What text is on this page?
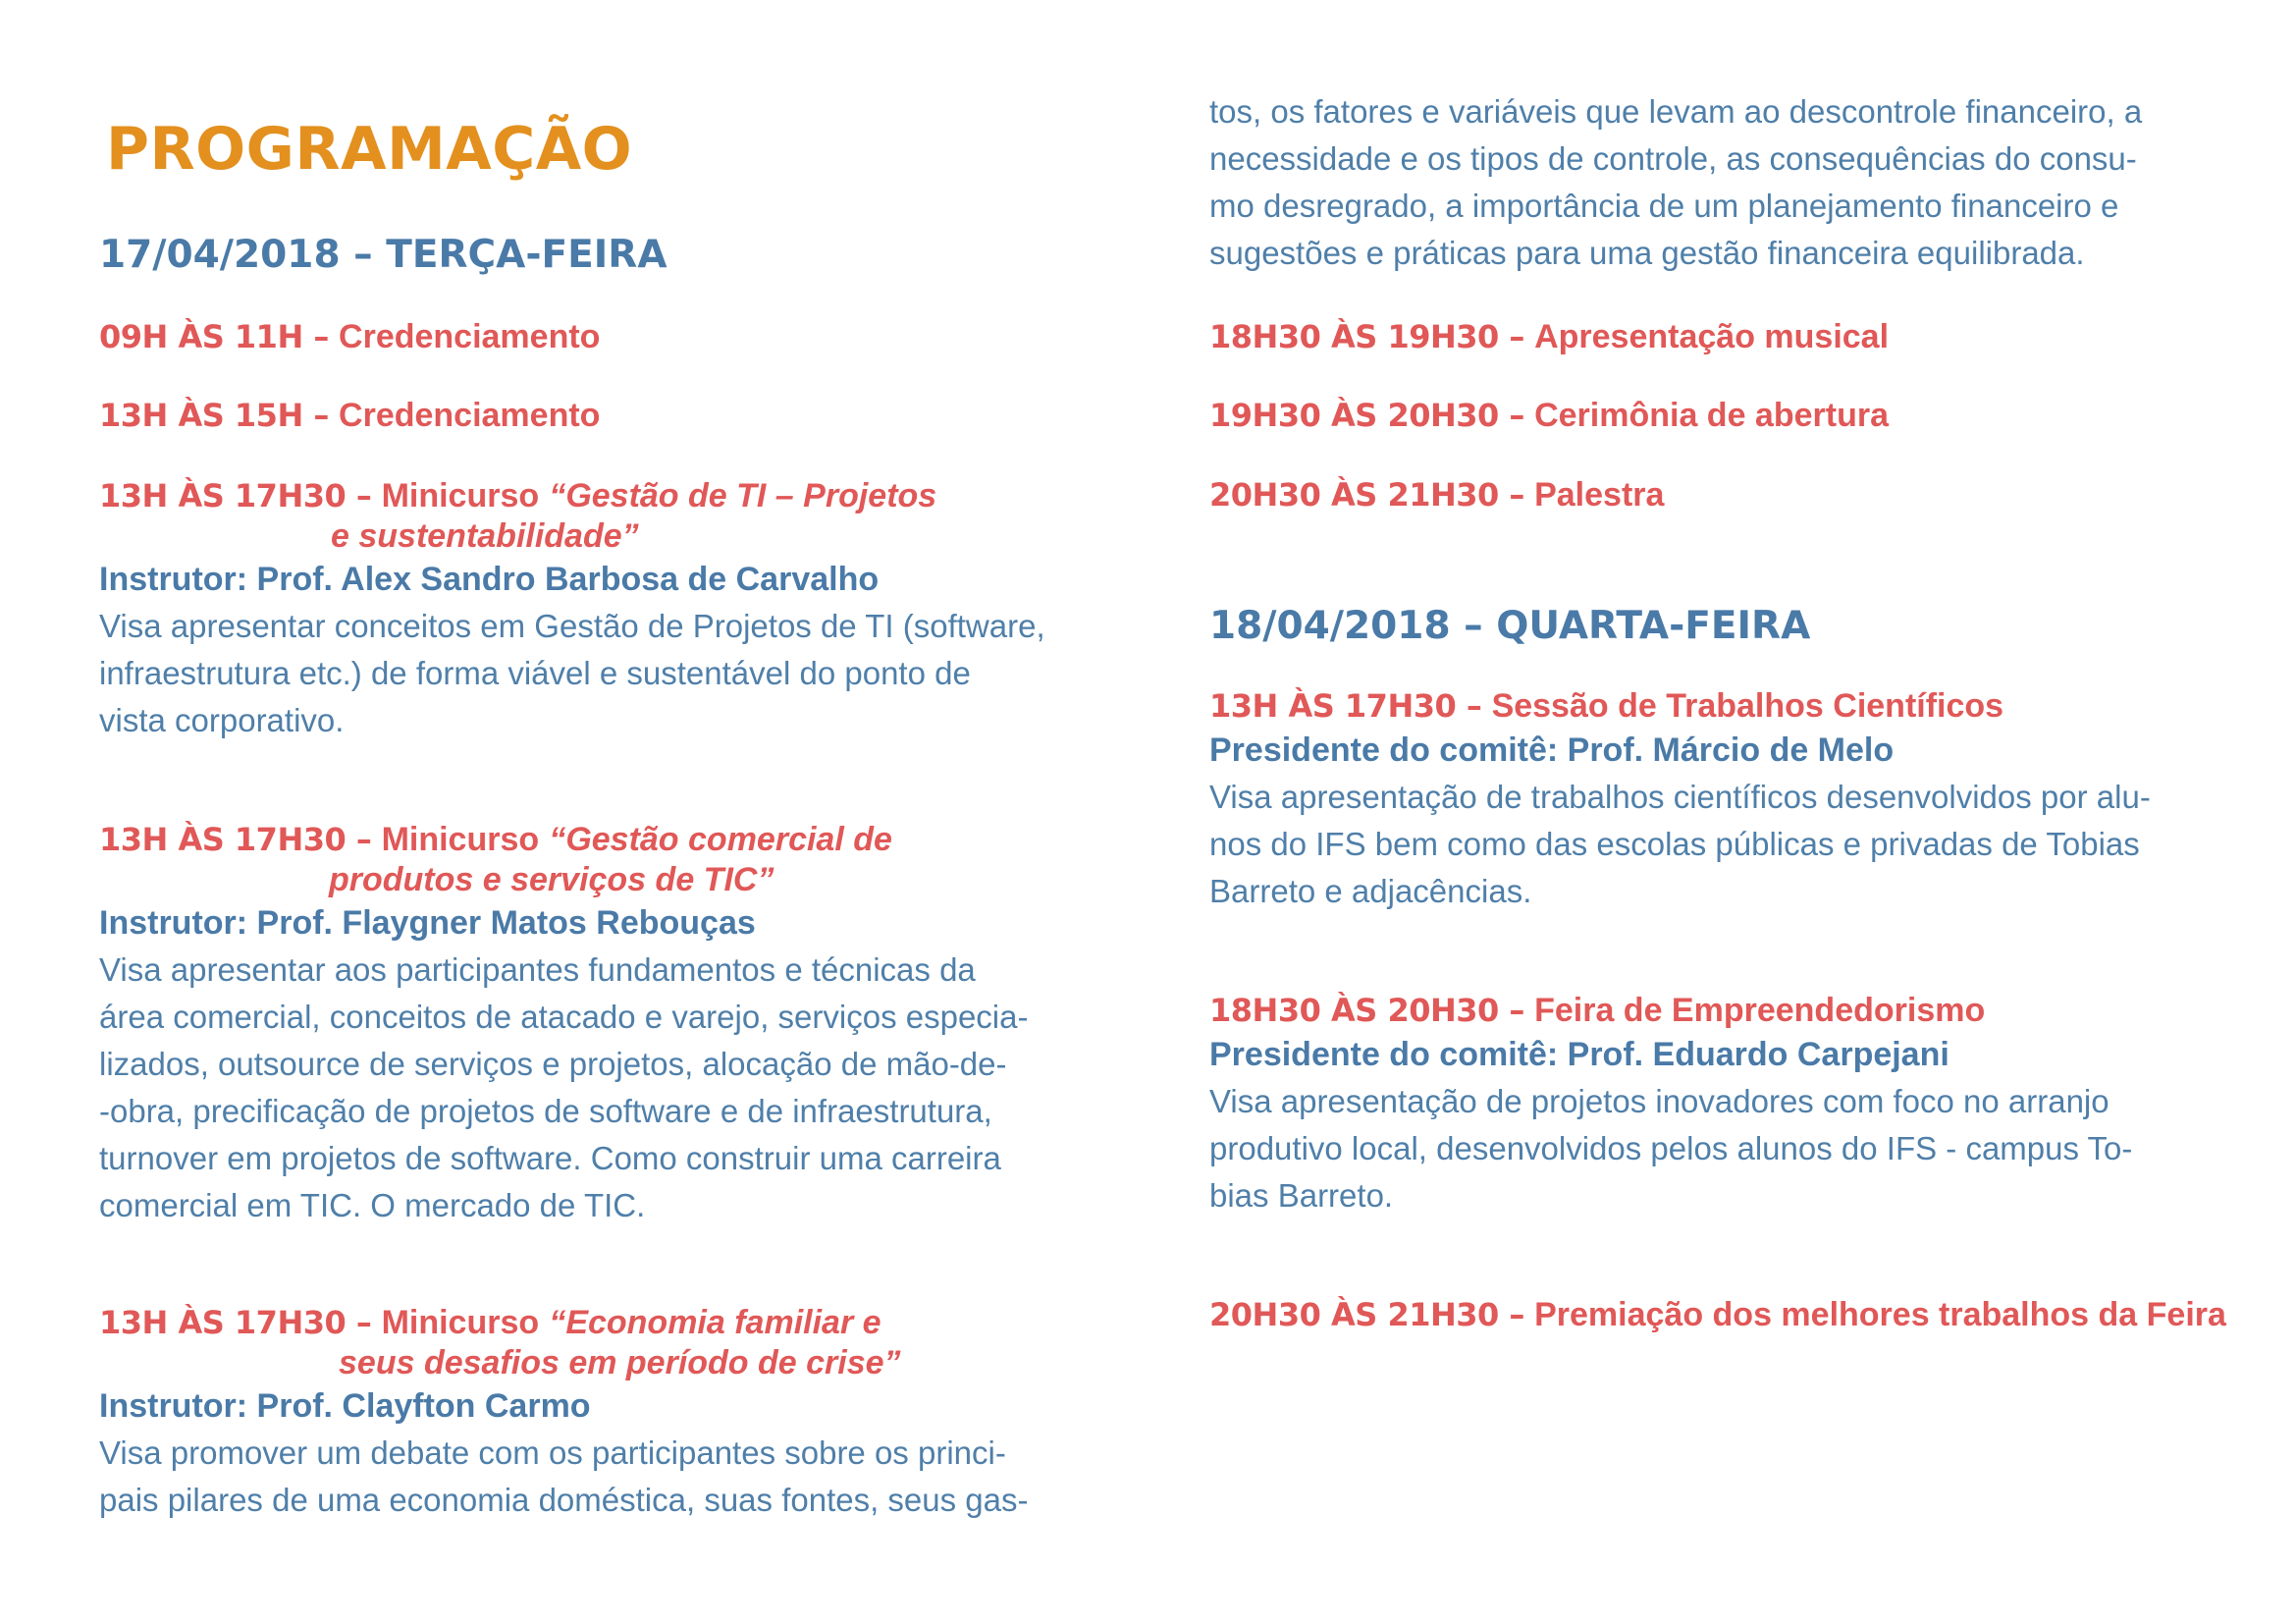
PROGRAMAÇÃO
17/04/2018 – TERÇA-FEIRA
09H ÀS 11H – Credenciamento
13H ÀS 15H – Credenciamento
13H ÀS 17H30 – Minicurso “Gestão de TI – Projetos
e sustentabilidade”
Instrutor: Prof. Alex Sandro Barbosa de Carvalho
Visa apresentar conceitos em Gestão de Projetos de TI (software,
infraestrutura etc.) de forma viável e sustentável do ponto de
vista corporativo.
13H ÀS 17H30 – Minicurso “Gestão comercial de
produtos e serviços de TIC”
Instrutor: Prof. Flaygner Matos Rebouças
Visa apresentar aos participantes fundamentos e técnicas da
área comercial, conceitos de atacado e varejo, serviços especia-
lizados, outsource de serviços e projetos, alocação de mão-de-
-obra, precificação de projetos de software e de infraestrutura,
turnover em projetos de software. Como construir uma carreira
comercial em TIC. O mercado de TIC.
13H ÀS 17H30 – Minicurso “Economia familiar e
seus desafios em período de crise”
Instrutor: Prof. Clayfton Carmo
Visa promover um debate com os participantes sobre os princi-
pais pilares de uma economia doméstica, suas fontes, seus gas-
tos, os fatores e variáveis que levam ao descontrole financeiro, a
necessidade e os tipos de controle, as consequências do consu-
mo desregrado, a importância de um planejamento financeiro e
sugestões e práticas para uma gestão financeira equilibrada.
18H30 ÀS 19H30 – Apresentação musical
19H30 ÀS 20H30 – Cerimônia de abertura
20H30 ÀS 21H30 – Palestra
18/04/2018 – QUARTA-FEIRA
13H ÀS 17H30 – Sessão de Trabalhos Científicos
Presidente do comitê: Prof. Márcio de Melo
Visa apresentação de trabalhos científicos desenvolvidos por alu-
nos do IFS bem como das escolas públicas e privadas de Tobias
Barreto e adjacências.
18H30 ÀS 20H30 – Feira de Empreendedorismo
Presidente do comitê: Prof. Eduardo Carpejani
Visa apresentação de projetos inovadores com foco no arranjo
produtivo local, desenvolvidos pelos alunos do IFS - campus To-
bias Barreto.
20H30 ÀS 21H30 – Premiação dos melhores trabalhos da Feira
